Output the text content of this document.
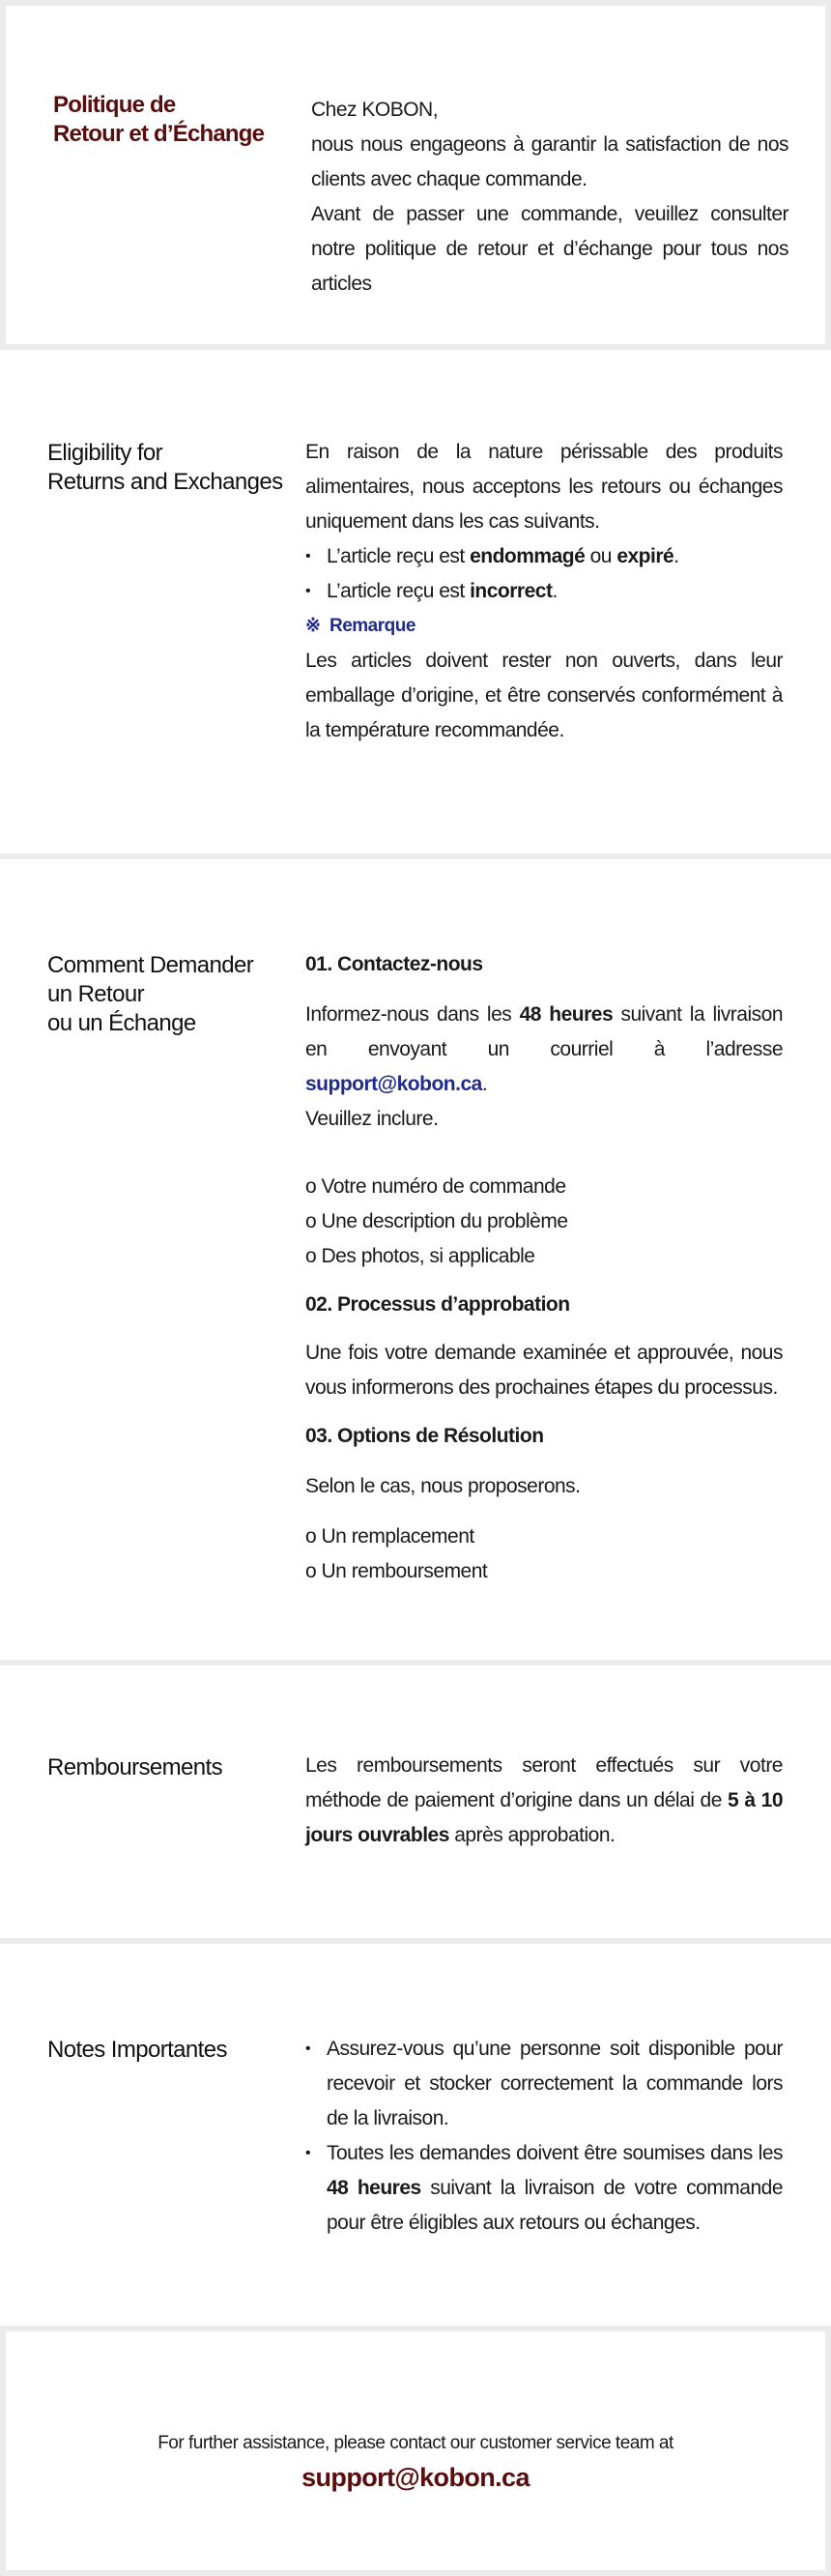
Politique de
Retour et d’Échange

Chez KOBON,

nous nous engageons à garantir la satisfaction de nos clients avec chaque commande.

Avant de passer une commande, veuillez consulter notre politique de retour et d’échange pour tous nos articles

Eligibility for
Returns and Exchanges

En raison de la nature périssable des produits alimentaires, nous acceptons les retours ou échanges uniquement dans les cas suivants.

• L’article reçu est endommagé ou expiré.
• L’article reçu est incorrect.

※ Remarque

Les articles doivent rester non ouverts, dans leur emballage d’origine, et être conservés conformément à la température recommandée.

Comment Demander
un Retour
ou un Échange

01. Contactez-nous

Informez-nous dans les 48 heures suivant la livraison en envoyant un courriel à l’adresse support@kobon.ca.

Veuillez inclure.

o Votre numéro de commande
o Une description du problème
o Des photos, si applicable

02. Processus d’approbation

Une fois votre demande examinée et approuvée, nous vous informerons des prochaines étapes du processus.

03. Options de Résolution

Selon le cas, nous proposerons.

o Un remplacement
o Un remboursement
Remboursements	Les remboursements seront effectués sur votre méthode de paiement d’origine dans un délai de 5 à 10 jours ouvrables après approbation.

Notes Importantes	• Assurez-vous qu’une personne soit disponible pour recevoir et stocker correctement la commande lors de la livraison.
• Toutes les demandes doivent être soumises dans les 48 heures suivant la livraison de votre commande pour être éligibles aux retours ou échanges.

For further assistance, please contact our customer service team at

support@kobon.ca
